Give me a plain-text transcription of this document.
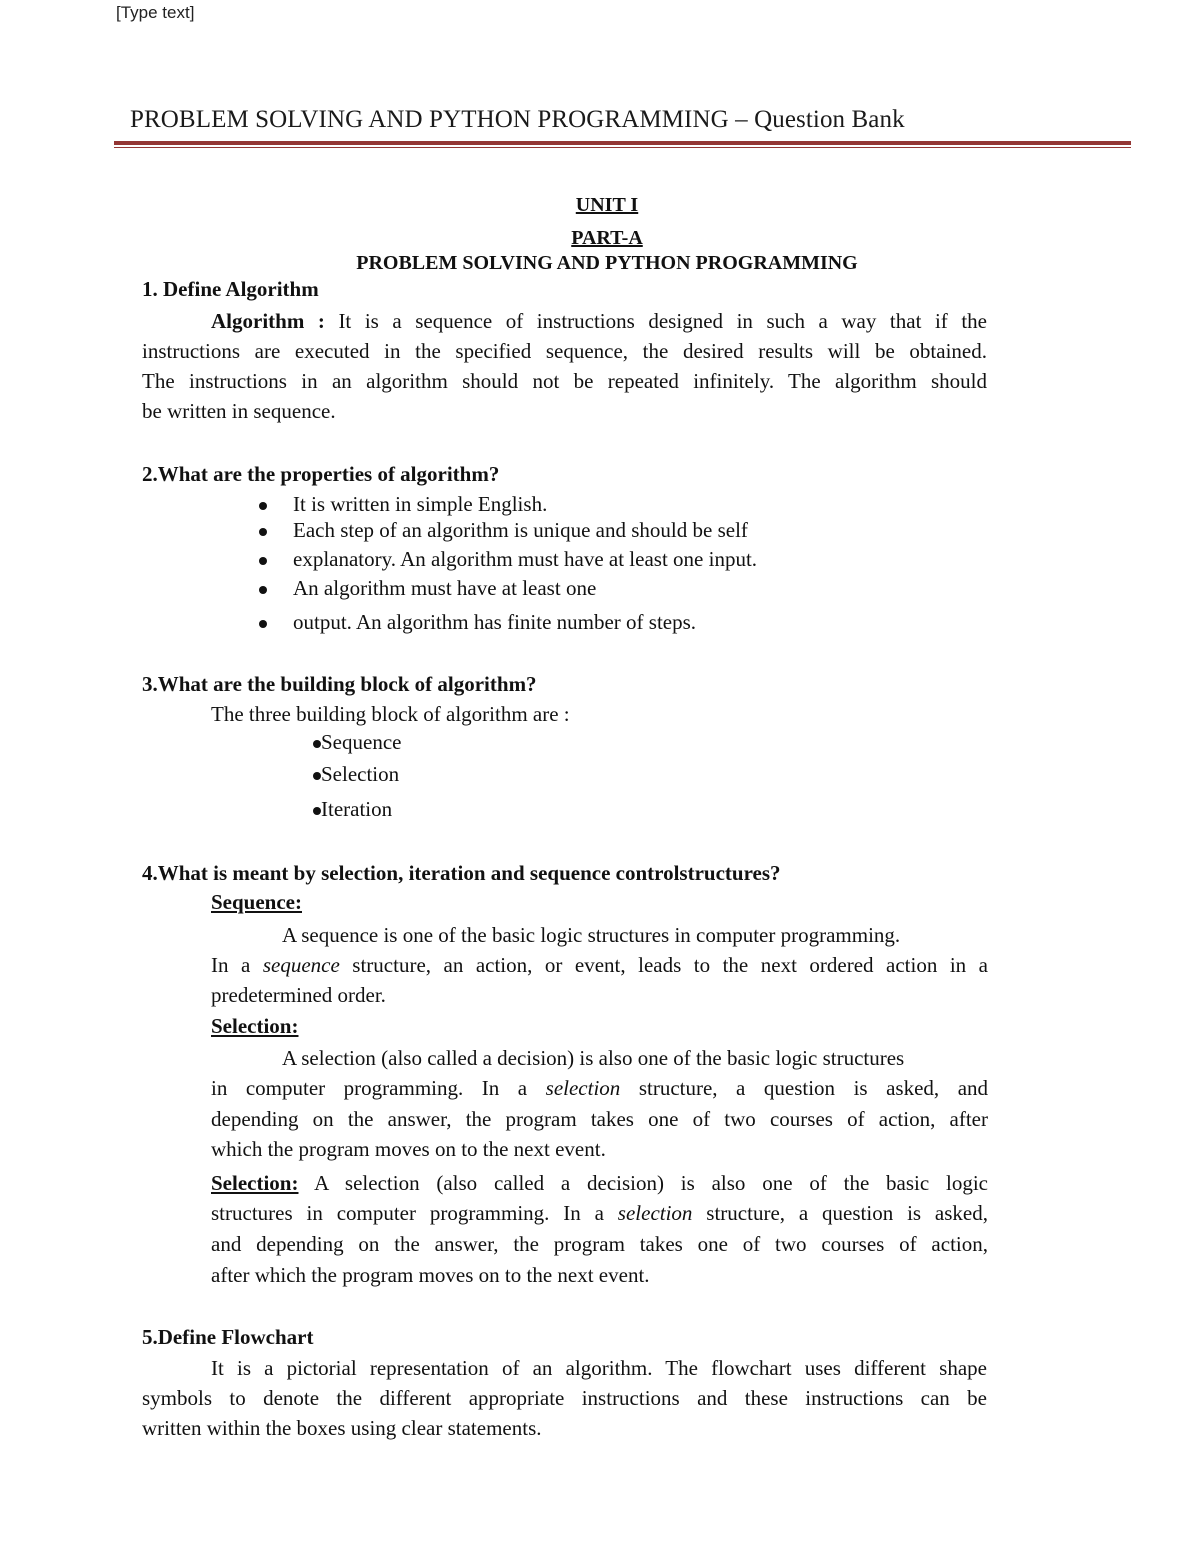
[Type text]
PROBLEM SOLVING AND PYTHON PROGRAMMING – Question Bank
UNIT I
PART-A
PROBLEM SOLVING AND PYTHON PROGRAMMING
1. Define Algorithm
Algorithm : It is a sequence of instructions designed in such a way that if the
instructions are executed in the specified sequence, the desired results will be obtained.
The instructions in an algorithm should not be repeated infinitely. The algorithm should
be written in sequence.
2.What are the properties of algorithm?
It is written in simple English.
Each step of an algorithm is unique and should be self
explanatory. An algorithm must have at least one input.
An algorithm must have at least one
output. An algorithm has finite number of steps.
3.What are the building block of algorithm?
The three building block of algorithm are :
Sequence
Selection
Iteration
4.What is meant by selection, iteration and sequence controlstructures?
Sequence:
A sequence is one of the basic logic structures in computer programming.
In a sequence structure, an action, or event, leads to the next ordered action in a
predetermined order.
Selection:
A selection (also called a decision) is also one of the basic logic structures
in computer programming. In a selection structure, a question is asked, and
depending on the answer, the program takes one of two courses of action, after
which the program moves on to the next event.
Selection: A selection (also called a decision) is also one of the basic logic
structures in computer programming. In a selection structure, a question is asked,
and depending on the answer, the program takes one of two courses of action,
after which the program moves on to the next event.
5.Define Flowchart
It is a pictorial representation of an algorithm. The flowchart uses different shape
symbols to denote the different appropriate instructions and these instructions can be
written within the boxes using clear statements.
